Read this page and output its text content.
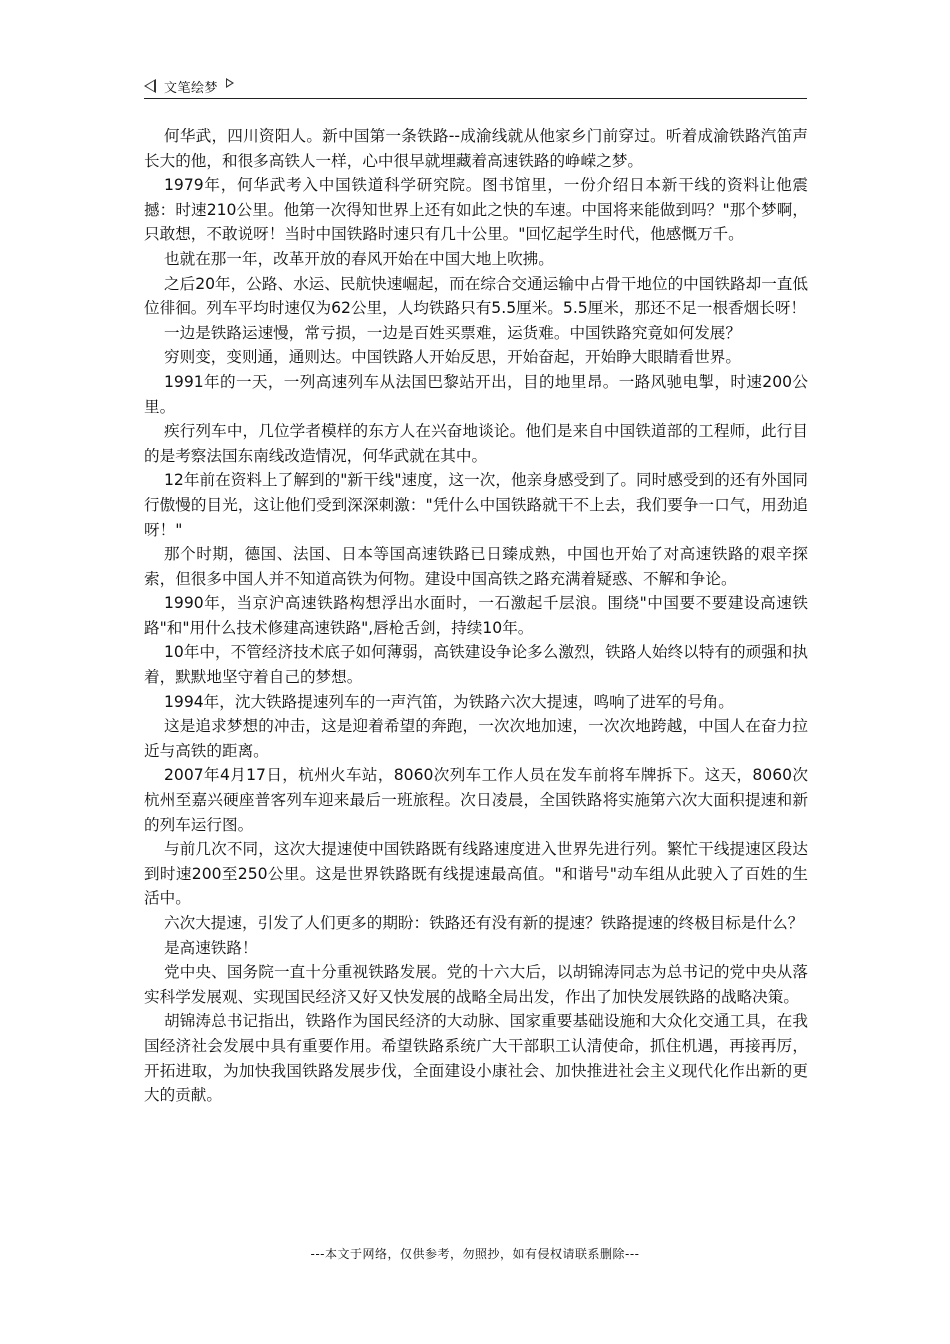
文笔绘梦

何华武，四川资阳人。新中国第一条铁路--成渝线就从他家乡门前穿过。听着成渝铁路汽笛声长大的他，和很多高铁人一样，心中很早就埋藏着高速铁路的峥嵘之梦。

1979年，何华武考入中国铁道科学研究院。图书馆里，一份介绍日本新干线的资料让他震撼：时速210公里。他第一次得知世界上还有如此之快的车速。中国将来能做到吗？"那个梦啊，只敢想，不敢说呀！当时中国铁路时速只有几十公里。"回忆起学生时代，他感慨万千。

也就在那一年，改革开放的春风开始在中国大地上吹拂。

之后20年，公路、水运、民航快速崛起，而在综合交通运输中占骨干地位的中国铁路却一直低位徘徊。列车平均时速仅为62公里，人均铁路只有5.5厘米。5.5厘米，那还不足一根香烟长呀！

一边是铁路运速慢，常亏损，一边是百姓买票难，运货难。中国铁路究竟如何发展？

穷则变，变则通，通则达。中国铁路人开始反思，开始奋起，开始睁大眼睛看世界。

1991年的一天，一列高速列车从法国巴黎站开出，目的地里昂。一路风驰电掣，时速200公里。

疾行列车中，几位学者模样的东方人在兴奋地谈论。他们是来自中国铁道部的工程师，此行目的是考察法国东南线改造情况，何华武就在其中。

12年前在资料上了解到的"新干线"速度，这一次，他亲身感受到了。同时感受到的还有外国同行傲慢的目光，这让他们受到深深刺激："凭什么中国铁路就干不上去，我们要争一口气，用劲追呀！"

那个时期，德国、法国、日本等国高速铁路已日臻成熟，中国也开始了对高速铁路的艰辛探索，但很多中国人并不知道高铁为何物。建设中国高铁之路充满着疑惑、不解和争论。

1990年，当京沪高速铁路构想浮出水面时，一石激起千层浪。围绕"中国要不要建设高速铁路"和"用什么技术修建高速铁路",唇枪舌剑，持续10年。

10年中，不管经济技术底子如何薄弱，高铁建设争论多么激烈，铁路人始终以特有的顽强和执着，默默地坚守着自己的梦想。

1994年，沈大铁路提速列车的一声汽笛，为铁路六次大提速，鸣响了进军的号角。

这是追求梦想的冲击，这是迎着希望的奔跑，一次次地加速，一次次地跨越，中国人在奋力拉近与高铁的距离。

2007年4月17日，杭州火车站，8060次列车工作人员在发车前将车牌拆下。这天，8060次杭州至嘉兴硬座普客列车迎来最后一班旅程。次日凌晨，全国铁路将实施第六次大面积提速和新的列车运行图。

与前几次不同，这次大提速使中国铁路既有线路速度进入世界先进行列。繁忙干线提速区段达到时速200至250公里。这是世界铁路既有线提速最高值。"和谐号"动车组从此驶入了百姓的生活中。

六次大提速，引发了人们更多的期盼：铁路还有没有新的提速？铁路提速的终极目标是什么？

是高速铁路！

党中央、国务院一直十分重视铁路发展。党的十六大后，以胡锦涛同志为总书记的党中央从落实科学发展观、实现国民经济又好又快发展的战略全局出发，作出了加快发展铁路的战略决策。

胡锦涛总书记指出，铁路作为国民经济的大动脉、国家重要基础设施和大众化交通工具，在我国经济社会发展中具有重要作用。希望铁路系统广大干部职工认清使命，抓住机遇，再接再厉，开拓进取，为加快我国铁路发展步伐，全面建设小康社会、加快推进社会主义现代化作出新的更大的贡献。

---本文于网络，仅供参考，勿照抄，如有侵权请联系删除---
